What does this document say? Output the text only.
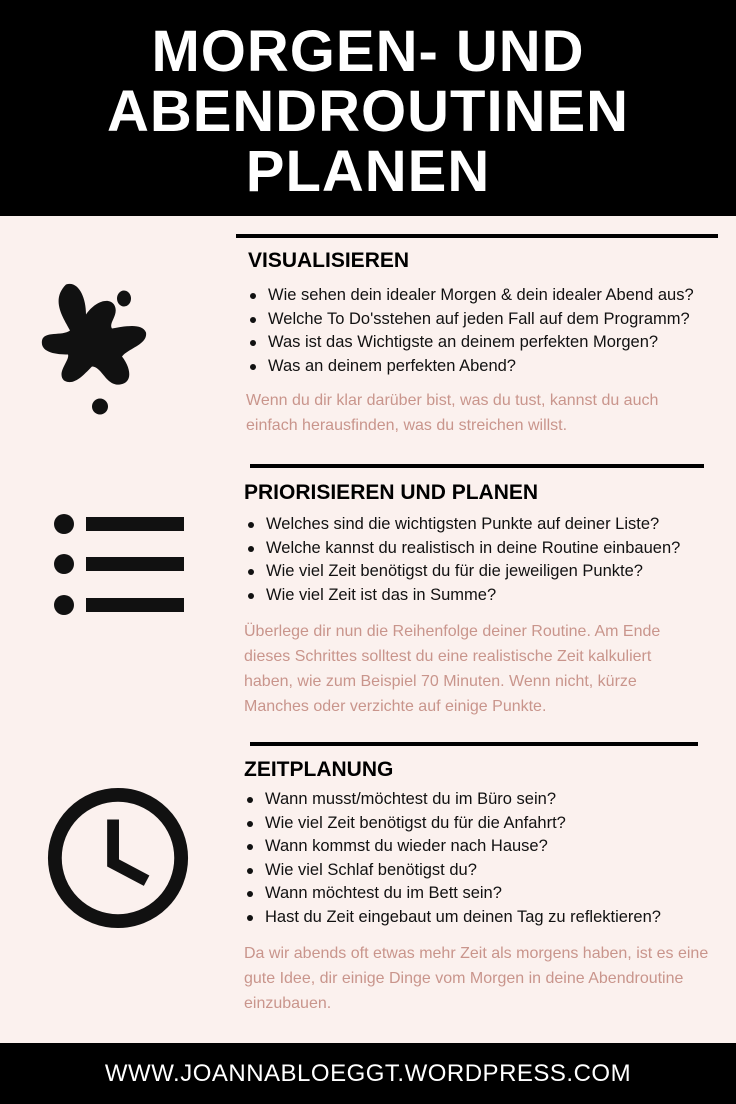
MORGEN- UND
ABENDROUTINEN
PLANEN
VISUALISIEREN
Wie sehen dein idealer Morgen & dein idealer Abend aus?
Welche To Do'sstehen auf jeden Fall auf dem Programm?
Was ist das Wichtigste an deinem perfekten Morgen?
Was an deinem perfekten Abend?

Wenn du dir klar darüber bist, was du tust, kannst du auch einfach herausfinden, was du streichen willst.

PRIORISIEREN UND PLANEN
Welches sind die wichtigsten Punkte auf deiner Liste?
Welche kannst du realistisch in deine Routine einbauen?
Wie viel Zeit benötigst du für die jeweiligen Punkte?
Wie viel Zeit ist das in Summe?

Überlege dir nun die Reihenfolge deiner Routine. Am Ende dieses Schrittes solltest du eine realistische Zeit kalkuliert haben, wie zum Beispiel 70 Minuten. Wenn nicht, kürze Manches oder verzichte auf einige Punkte.

ZEITPLANUNG
Wann musst/möchtest du im Büro sein?
Wie viel Zeit benötigst du für die Anfahrt?
Wann kommst du wieder nach Hause?
Wie viel Schlaf benötigst du?
Wann möchtest du im Bett sein?
Hast du Zeit eingebaut um deinen Tag zu reflektieren?

Da wir abends oft etwas mehr Zeit als morgens haben, ist es eine gute Idee, dir einige Dinge vom Morgen in deine Abendroutine einzubauen.

WWW.JOANNABLOEGGT.WORDPRESS.COM
